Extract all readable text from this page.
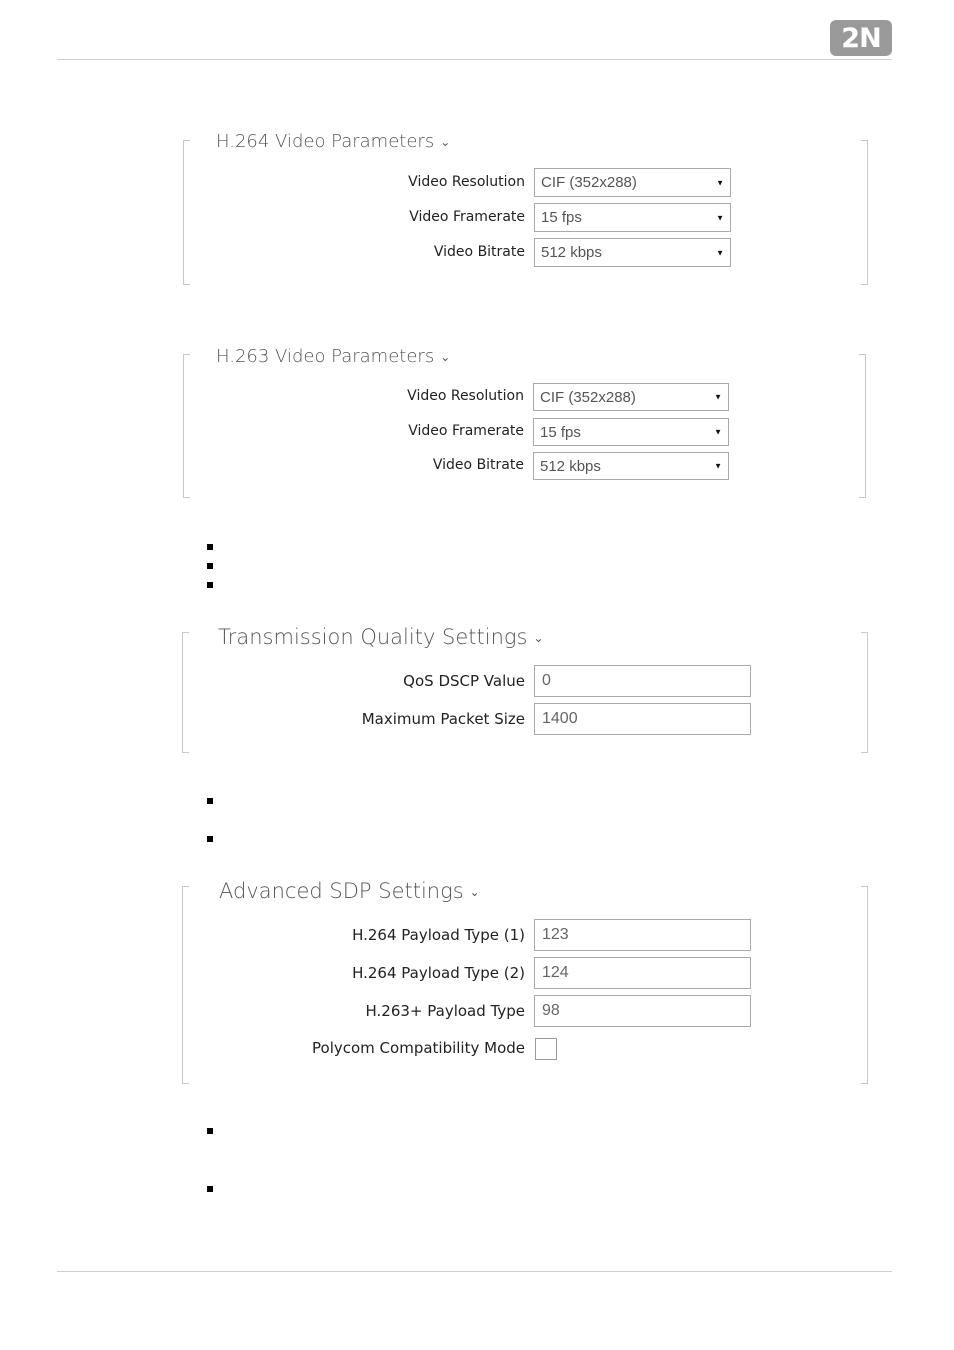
2N
H.264 Video Parameters ⌄
Video Resolution CIF (352x288)	▼
Video Framerate 15 fps	▼
Video Bitrate 512 kbps	▼
H.263 Video Parameters ⌄
Video Resolution CIF (352x288)	▼
Video Framerate 15 fps	▼
Video Bitrate 512 kbps	▼
Transmission Quality Settings ⌄
QoS DSCP Value	0
Maximum Packet Size	1400
Advanced SDP Settings ⌄
H.264 Payload Type (1)	123
H.264 Payload Type (2)	124
H.263+ Payload Type	98
Polycom Compatibility Mode
